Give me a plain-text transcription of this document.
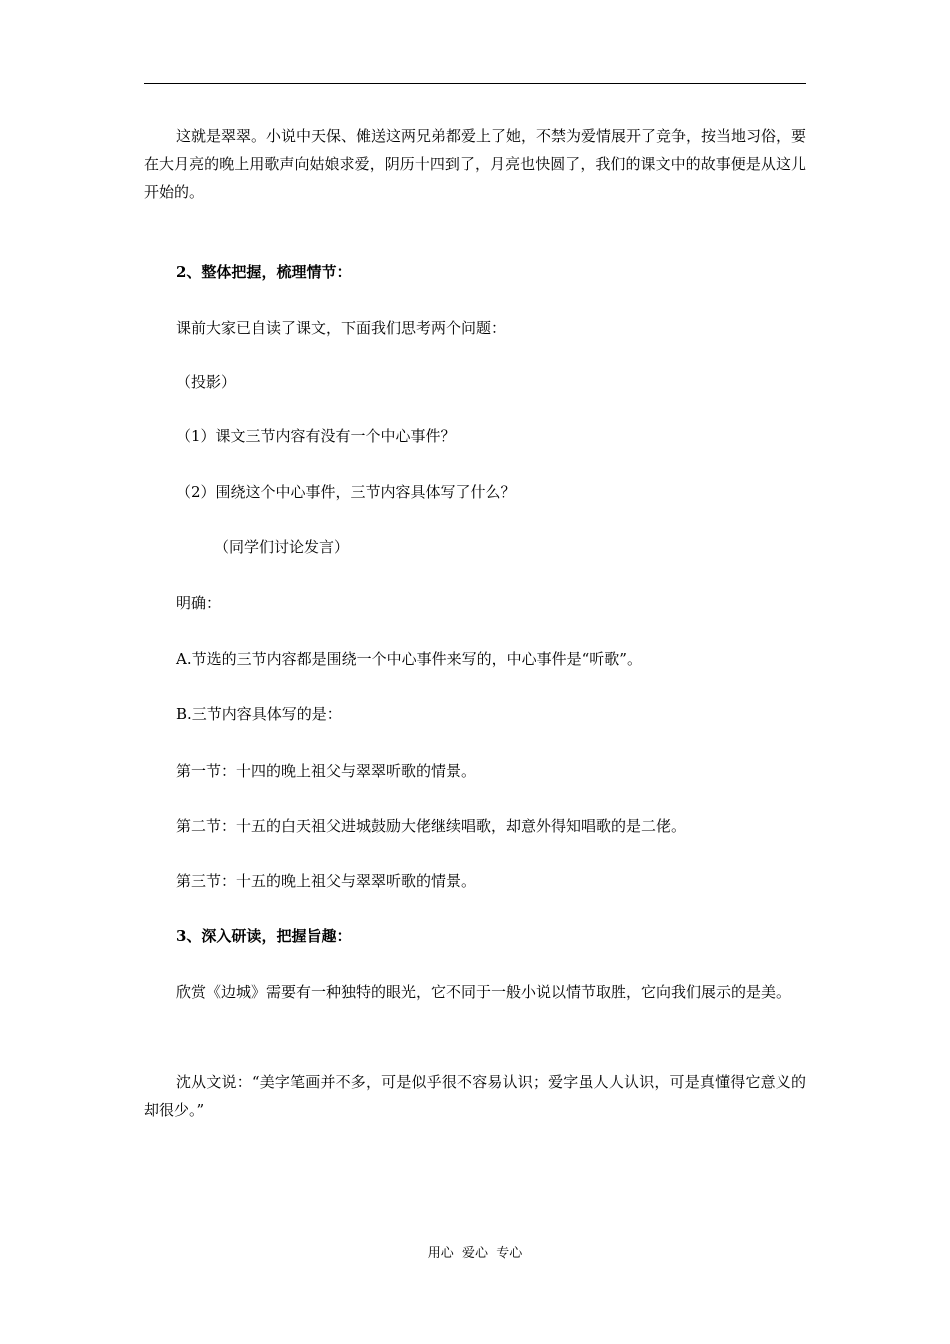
这就是翠翠。小说中天保、傩送这两兄弟都爱上了她，不禁为爱情展开了竞争，按当地习俗，要在大月亮的晚上用歌声向姑娘求爱，阴历十四到了，月亮也快圆了，我们的课文中的故事便是从这儿开始的。
2、整体把握，梳理情节：
课前大家已自读了课文，下面我们思考两个问题：
（投影）
（1）课文三节内容有没有一个中心事件？
（2）围绕这个中心事件，三节内容具体写了什么？
（同学们讨论发言）
明确：
A.节选的三节内容都是围绕一个中心事件来写的，中心事件是“听歌”。
B.三节内容具体写的是：
第一节：十四的晚上祖父与翠翠听歌的情景。
第二节：十五的白天祖父进城鼓励大佬继续唱歌，却意外得知唱歌的是二佬。
第三节：十五的晚上祖父与翠翠听歌的情景。
3、深入研读，把握旨趣：
欣赏《边城》需要有一种独特的眼光，它不同于一般小说以情节取胜，它向我们展示的是美。
沈从文说：“美字笔画并不多，可是似乎很不容易认识；爱字虽人人认识，可是真懂得它意义的却很少。”
用心  爱心  专心
